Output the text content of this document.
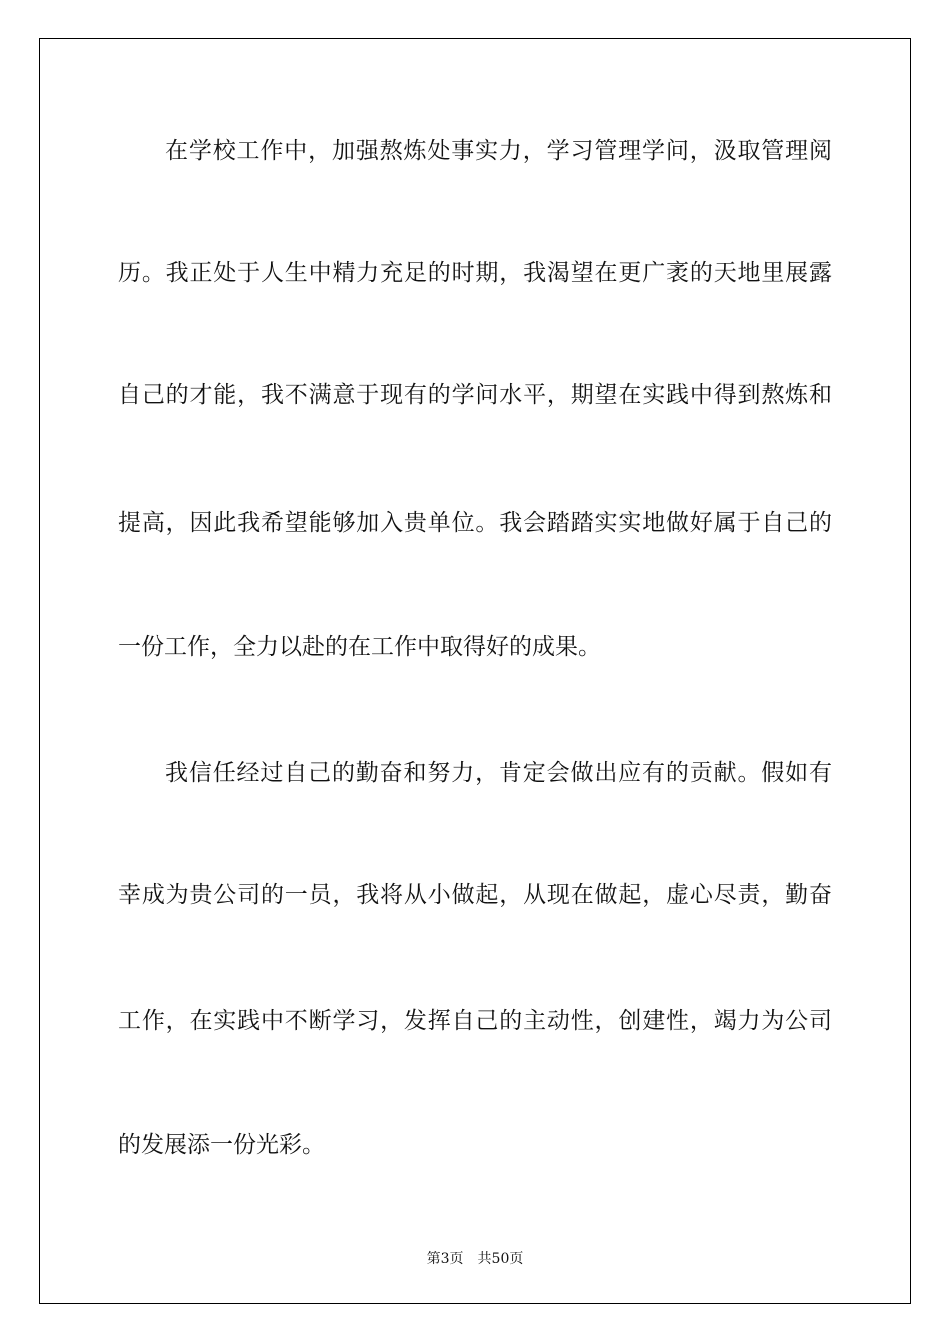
在学校工作中，加强熬炼处事实力，学习管理学问，汲取管理阅
历。我正处于人生中精力充足的时期，我渴望在更广袤的天地里展露
自己的才能，我不满意于现有的学问水平，期望在实践中得到熬炼和
提高，因此我希望能够加入贵单位。我会踏踏实实地做好属于自己的
一份工作，全力以赴的在工作中取得好的成果。
我信任经过自己的勤奋和努力，肯定会做出应有的贡献。假如有
幸成为贵公司的一员，我将从小做起，从现在做起，虚心尽责，勤奋
工作，在实践中不断学习，发挥自己的主动性，创建性，竭力为公司
的发展添一份光彩。
第3页 共50页
